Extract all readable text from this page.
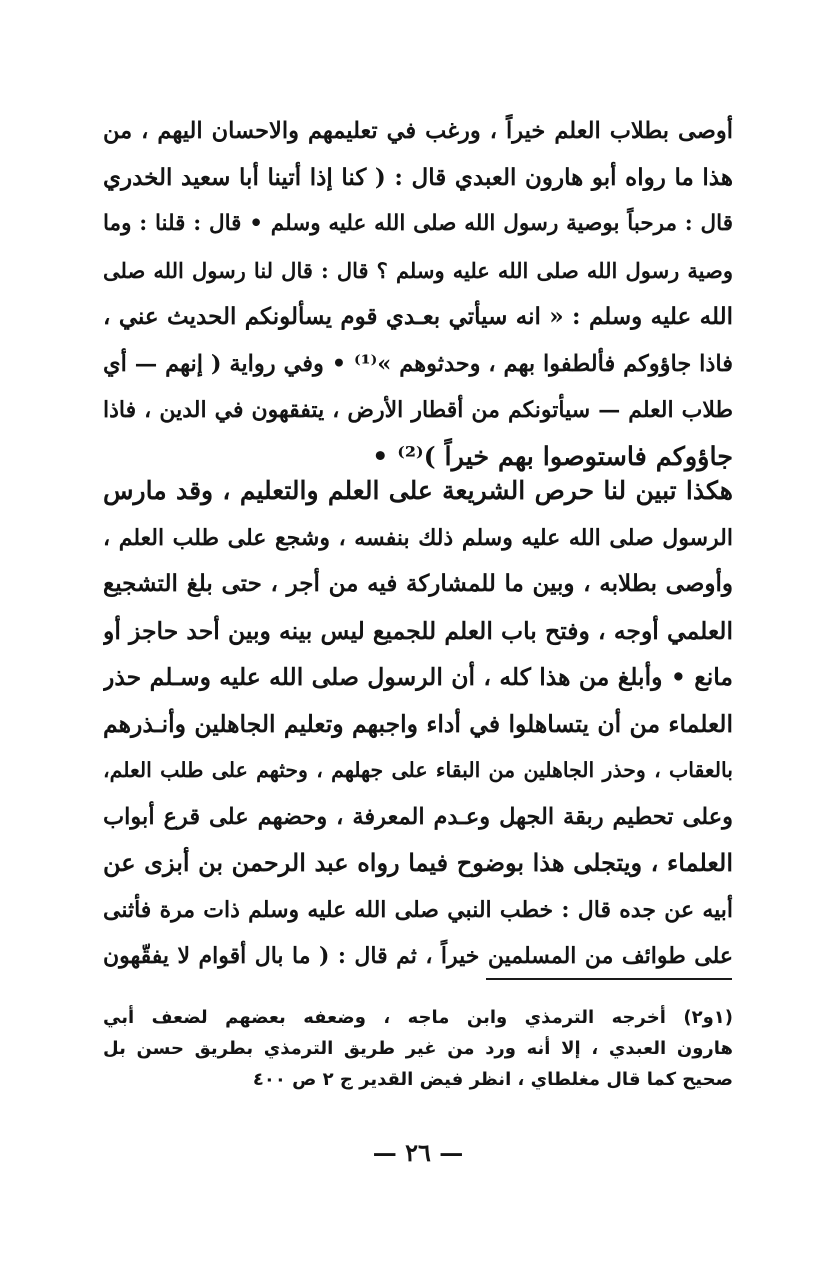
أوصى بطلاب العلم خيراً ، ورغب في تعليمهم والاحسان اليهم ، من
هذا ما رواه أبو هارون العبدي قال : ( كنا إذا أتينا أبا سعيد الخدري
قال : مرحباً بوصية رسول الله صلى الله عليه وسلم • قال : قلنا : وما
وصية رسول الله صلى الله عليه وسلم ؟ قال : قال لنا رسول الله صلى
الله عليه وسلم : « انه سيأتي بعـدي قوم يسألونكم الحديث عني ،
فاذا جاؤوكم فألطفوا بهم ، وحدثوهم »⁽¹⁾ • وفي رواية ( إنهم — أي
طلاب العلم — سيأتونكم من أقطار الأرض ، يتفقهون في الدين ، فاذا
جاؤوكم فاستوصوا بهم خيراً )⁽²⁾ •
هكذا تبين لنا حرص الشريعة على العلم والتعليم ، وقد مارس
الرسول صلى الله عليه وسلم ذلك بنفسه ، وشجع على طلب العلم ،
وأوصى بطلابه ، وبين ما للمشاركة فيه من أجر ، حتى بلغ التشجيع
العلمي أوجه ، وفتح باب العلم للجميع ليس بينه وبين أحد حاجز أو
مانع • وأبلغ من هذا كله ، أن الرسول صلى الله عليه وسـلم حذر
العلماء من أن يتساهلوا في أداء واجبهم وتعليم الجاهلين وأنـذرهم
بالعقاب ، وحذر الجاهلين من البقاء على جهلهم ، وحثهم على طلب العلم،
وعلى تحطيم ربقة الجهل وعـدم المعرفة ، وحضهم على قرع أبواب
العلماء ، ويتجلى هذا بوضوح فيما رواه عبد الرحمن بن أبزى عن
أبيه عن جده قال : خطب النبي صلى الله عليه وسلم ذات مرة فأثنى
على طوائف من المسلمين خيراً ، ثم قال : ( ما بال أقوام لا يفقّهون
(١و٢) أخرجه الترمذي وابن ماجه ، وضعفه بعضهم لضعف أبي
هارون العبدي ، إلا أنه ورد من غير طريق الترمذي بطريق حسن بل
صحيح كما قال مغلطاي ، انظر فيض القدير ج ٢ ص ٤٠٠
— ٢٦ —
